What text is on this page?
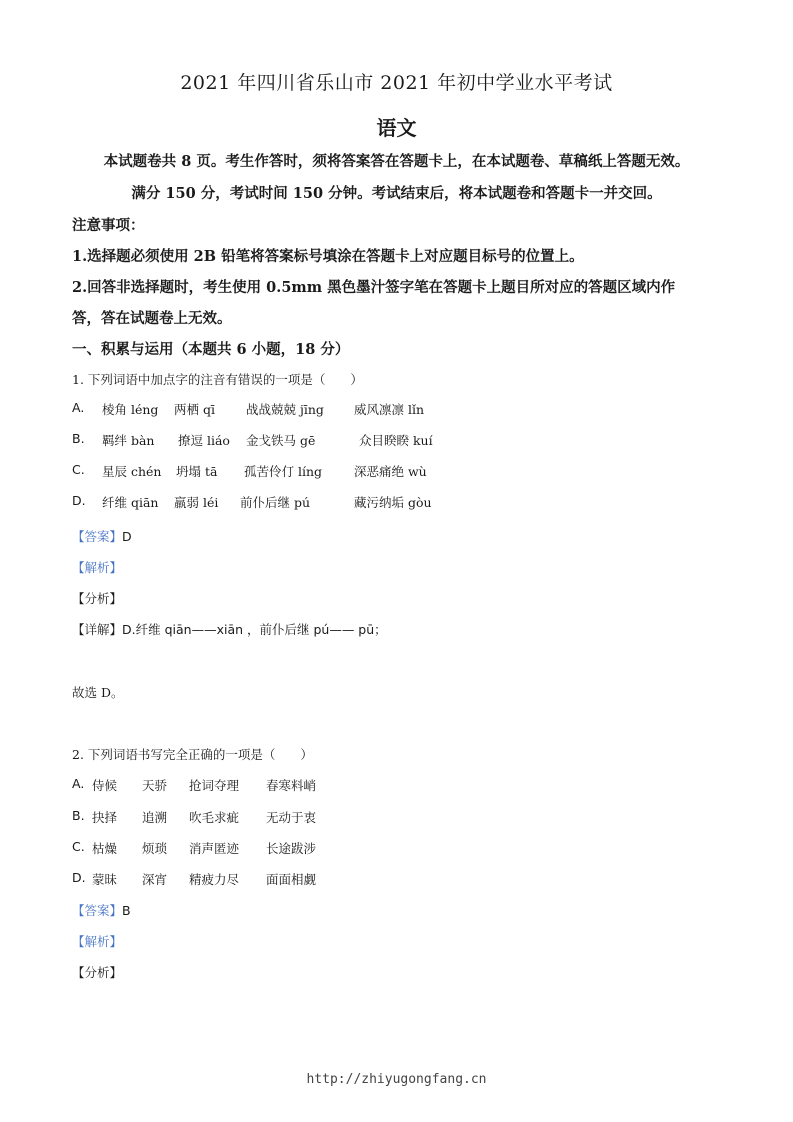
2021 年四川省乐山市 2021 年初中学业水平考试
语文
本试题卷共 8 页。考生作答时，须将答案答在答题卡上，在本试题卷、草稿纸上答题无效。
满分 150 分，考试时间 150 分钟。考试结束后，将本试题卷和答题卡一并交回。
注意事项：
1.选择题必须使用 2B 铅笔将答案标号填涂在答题卡上对应题目标号的位置上。
2.回答非选择题时，考生使用 0.5mm 黑色墨汁签字笔在答题卡上题目所对应的答题区域内作
答，答在试题卷上无效。
一、积累与运用（本题共 6 小题，18 分）
1. 下列词语中加点字的注音有错误的一项是（　　）
A.	棱角 léng	两栖 qī	战战兢兢 jīng	威风凛凛 lǐn
B.	羁绊 bàn	撩逗 liáo	金戈铁马 gē	众目睽睽 kuí
C.	星辰 chén	坍塌 tā	孤苦伶仃 líng	深恶痛绝 wù
D.	纤维 qiān	羸弱 léi	前仆后继 pú	藏污纳垢 gòu
【答案】D
【解析】
【分析】
【详解】D.纤维 qiān——xiān ，前仆后继 pú—— pū；
故选 D。
2. 下列词语书写完全正确的一项是（　　）
A. 侍候	天骄	抢词夺理	春寒料峭
B. 抉择	追溯	吹毛求疵	无动于衷
C. 枯燥	烦琐	消声匿迹	长途跋涉
D. 蒙昧	深宵	精疲力尽	面面相觑
【答案】B
【解析】
【分析】
http://zhiyugongfang.cn
